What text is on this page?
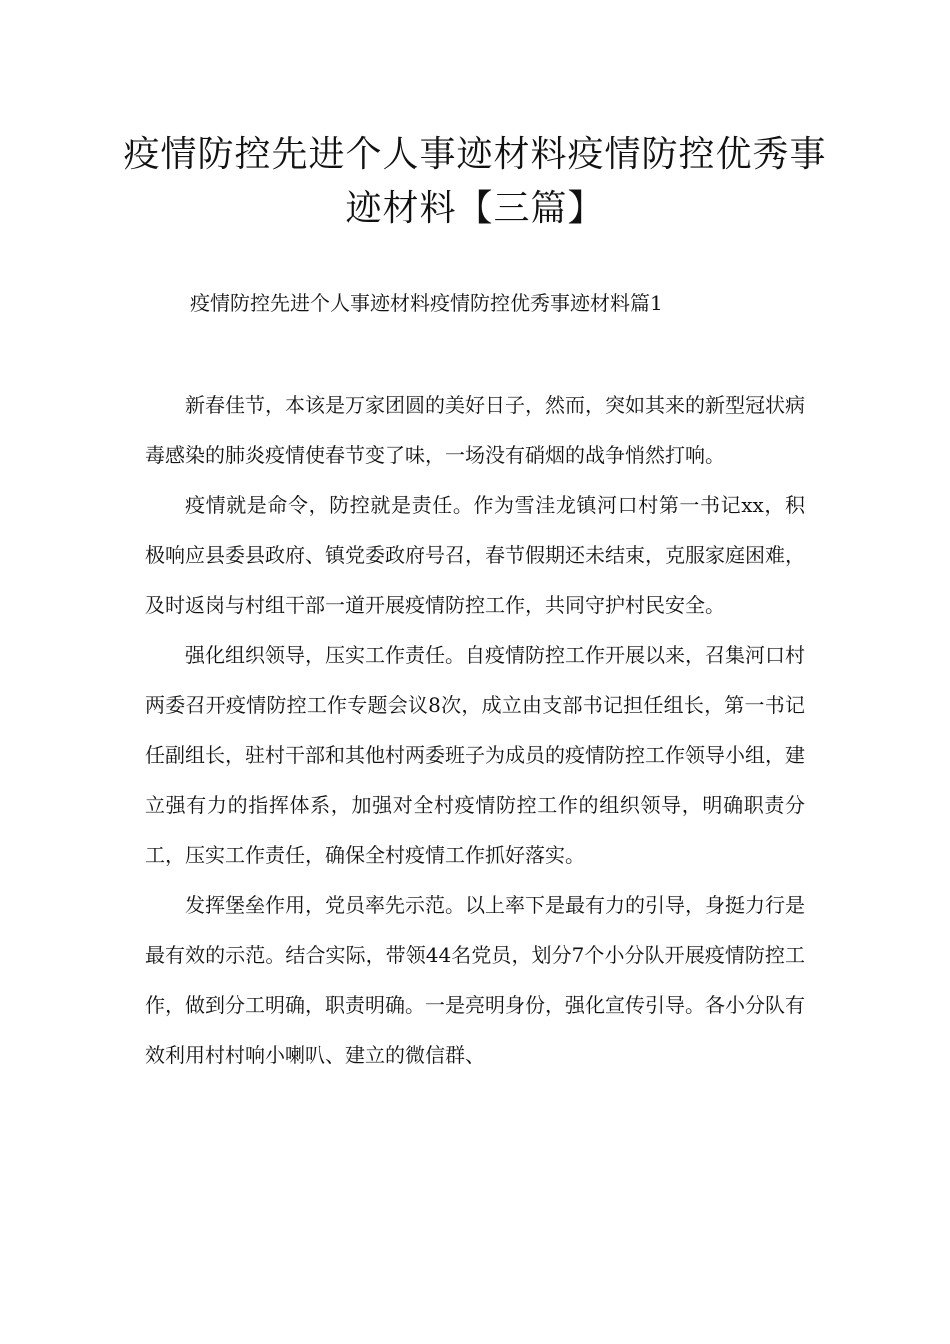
疫情防控先进个人事迹材料疫情防控优秀事迹材料【三篇】

疫情防控先进个人事迹材料疫情防控优秀事迹材料篇1

新春佳节，本该是万家团圆的美好日子，然而，突如其来的新型冠状病毒感染的肺炎疫情使春节变了味，一场没有硝烟的战争悄然打响。

疫情就是命令，防控就是责任。作为雪洼龙镇河口村第一书记xx，积极响应县委县政府、镇党委政府号召，春节假期还未结束，克服家庭困难，及时返岗与村组干部一道开展疫情防控工作，共同守护村民安全。

强化组织领导，压实工作责任。自疫情防控工作开展以来，召集河口村两委召开疫情防控工作专题会议8次，成立由支部书记担任组长，第一书记任副组长，驻村干部和其他村两委班子为成员的疫情防控工作领导小组，建立强有力的指挥体系，加强对全村疫情防控工作的组织领导，明确职责分工，压实工作责任，确保全村疫情工作抓好落实。

发挥堡垒作用，党员率先示范。以上率下是最有力的引导，身挺力行是最有效的示范。结合实际，带领44名党员，划分7个小分队开展疫情防控工作，做到分工明确，职责明确。一是亮明身份，强化宣传引导。各小分队有效利用村村响小喇叭、建立的微信群、
